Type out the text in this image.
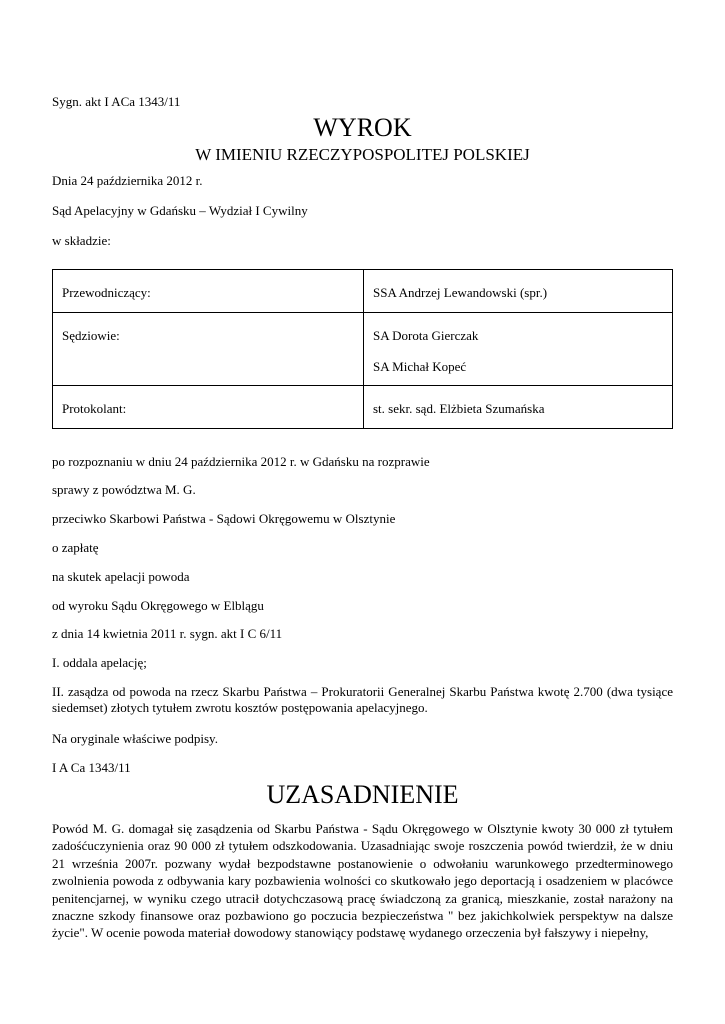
Sygn. akt I ACa 1343/11

WYROK
W IMIENIU RZECZYPOSPOLITEJ POLSKIEJ

Dnia 24 października 2012 r.

Sąd Apelacyjny w Gdańsku – Wydział I Cywilny

w składzie:

Przewodniczący:	SSA Andrzej Lewandowski (spr.)

Sędziowie:	SA Dorota Gierczak
SA Michał Kopeć

Protokolant:	st. sekr. sąd. Elżbieta Szumańska

po rozpoznaniu w dniu 24 października 2012 r. w Gdańsku na rozprawie

sprawy z powództwa M. G.

przeciwko Skarbowi Państwa - Sądowi Okręgowemu w Olsztynie

o zapłatę

na skutek apelacji powoda

od wyroku Sądu Okręgowego w Elblągu

z dnia 14 kwietnia 2011 r. sygn. akt I C 6/11

I. oddala apelację;

II. zasądza od powoda na rzecz Skarbu Państwa – Prokuratorii Generalnej Skarbu Państwa kwotę 2.700 (dwa tysiące siedemset) złotych tytułem zwrotu kosztów postępowania apelacyjnego.

Na oryginale właściwe podpisy.

I A Ca 1343/11

UZASADNIENIE

Powód M. G. domagał się zasądzenia od Skarbu Państwa - Sądu Okręgowego w Olsztynie kwoty 30 000 zł tytułem zadośćuczynienia oraz 90 000 zł tytułem odszkodowania. Uzasadniając swoje roszczenia powód twierdził, że w dniu 21 września 2007r. pozwany wydał bezpodstawne postanowienie o odwołaniu warunkowego przedterminowego zwolnienia powoda z odbywania kary pozbawienia wolności co skutkowało jego deportacją i osadzeniem w placówce penitencjarnej, w wyniku czego utracił dotychczasową pracę świadczoną za granicą, mieszkanie, został narażony na znaczne szkody finansowe oraz pozbawiono go poczucia bezpieczeństwa " bez jakichkolwiek perspektyw na dalsze życie". W ocenie powoda materiał dowodowy stanowiący podstawę wydanego orzeczenia był fałszywy i niepełny,
